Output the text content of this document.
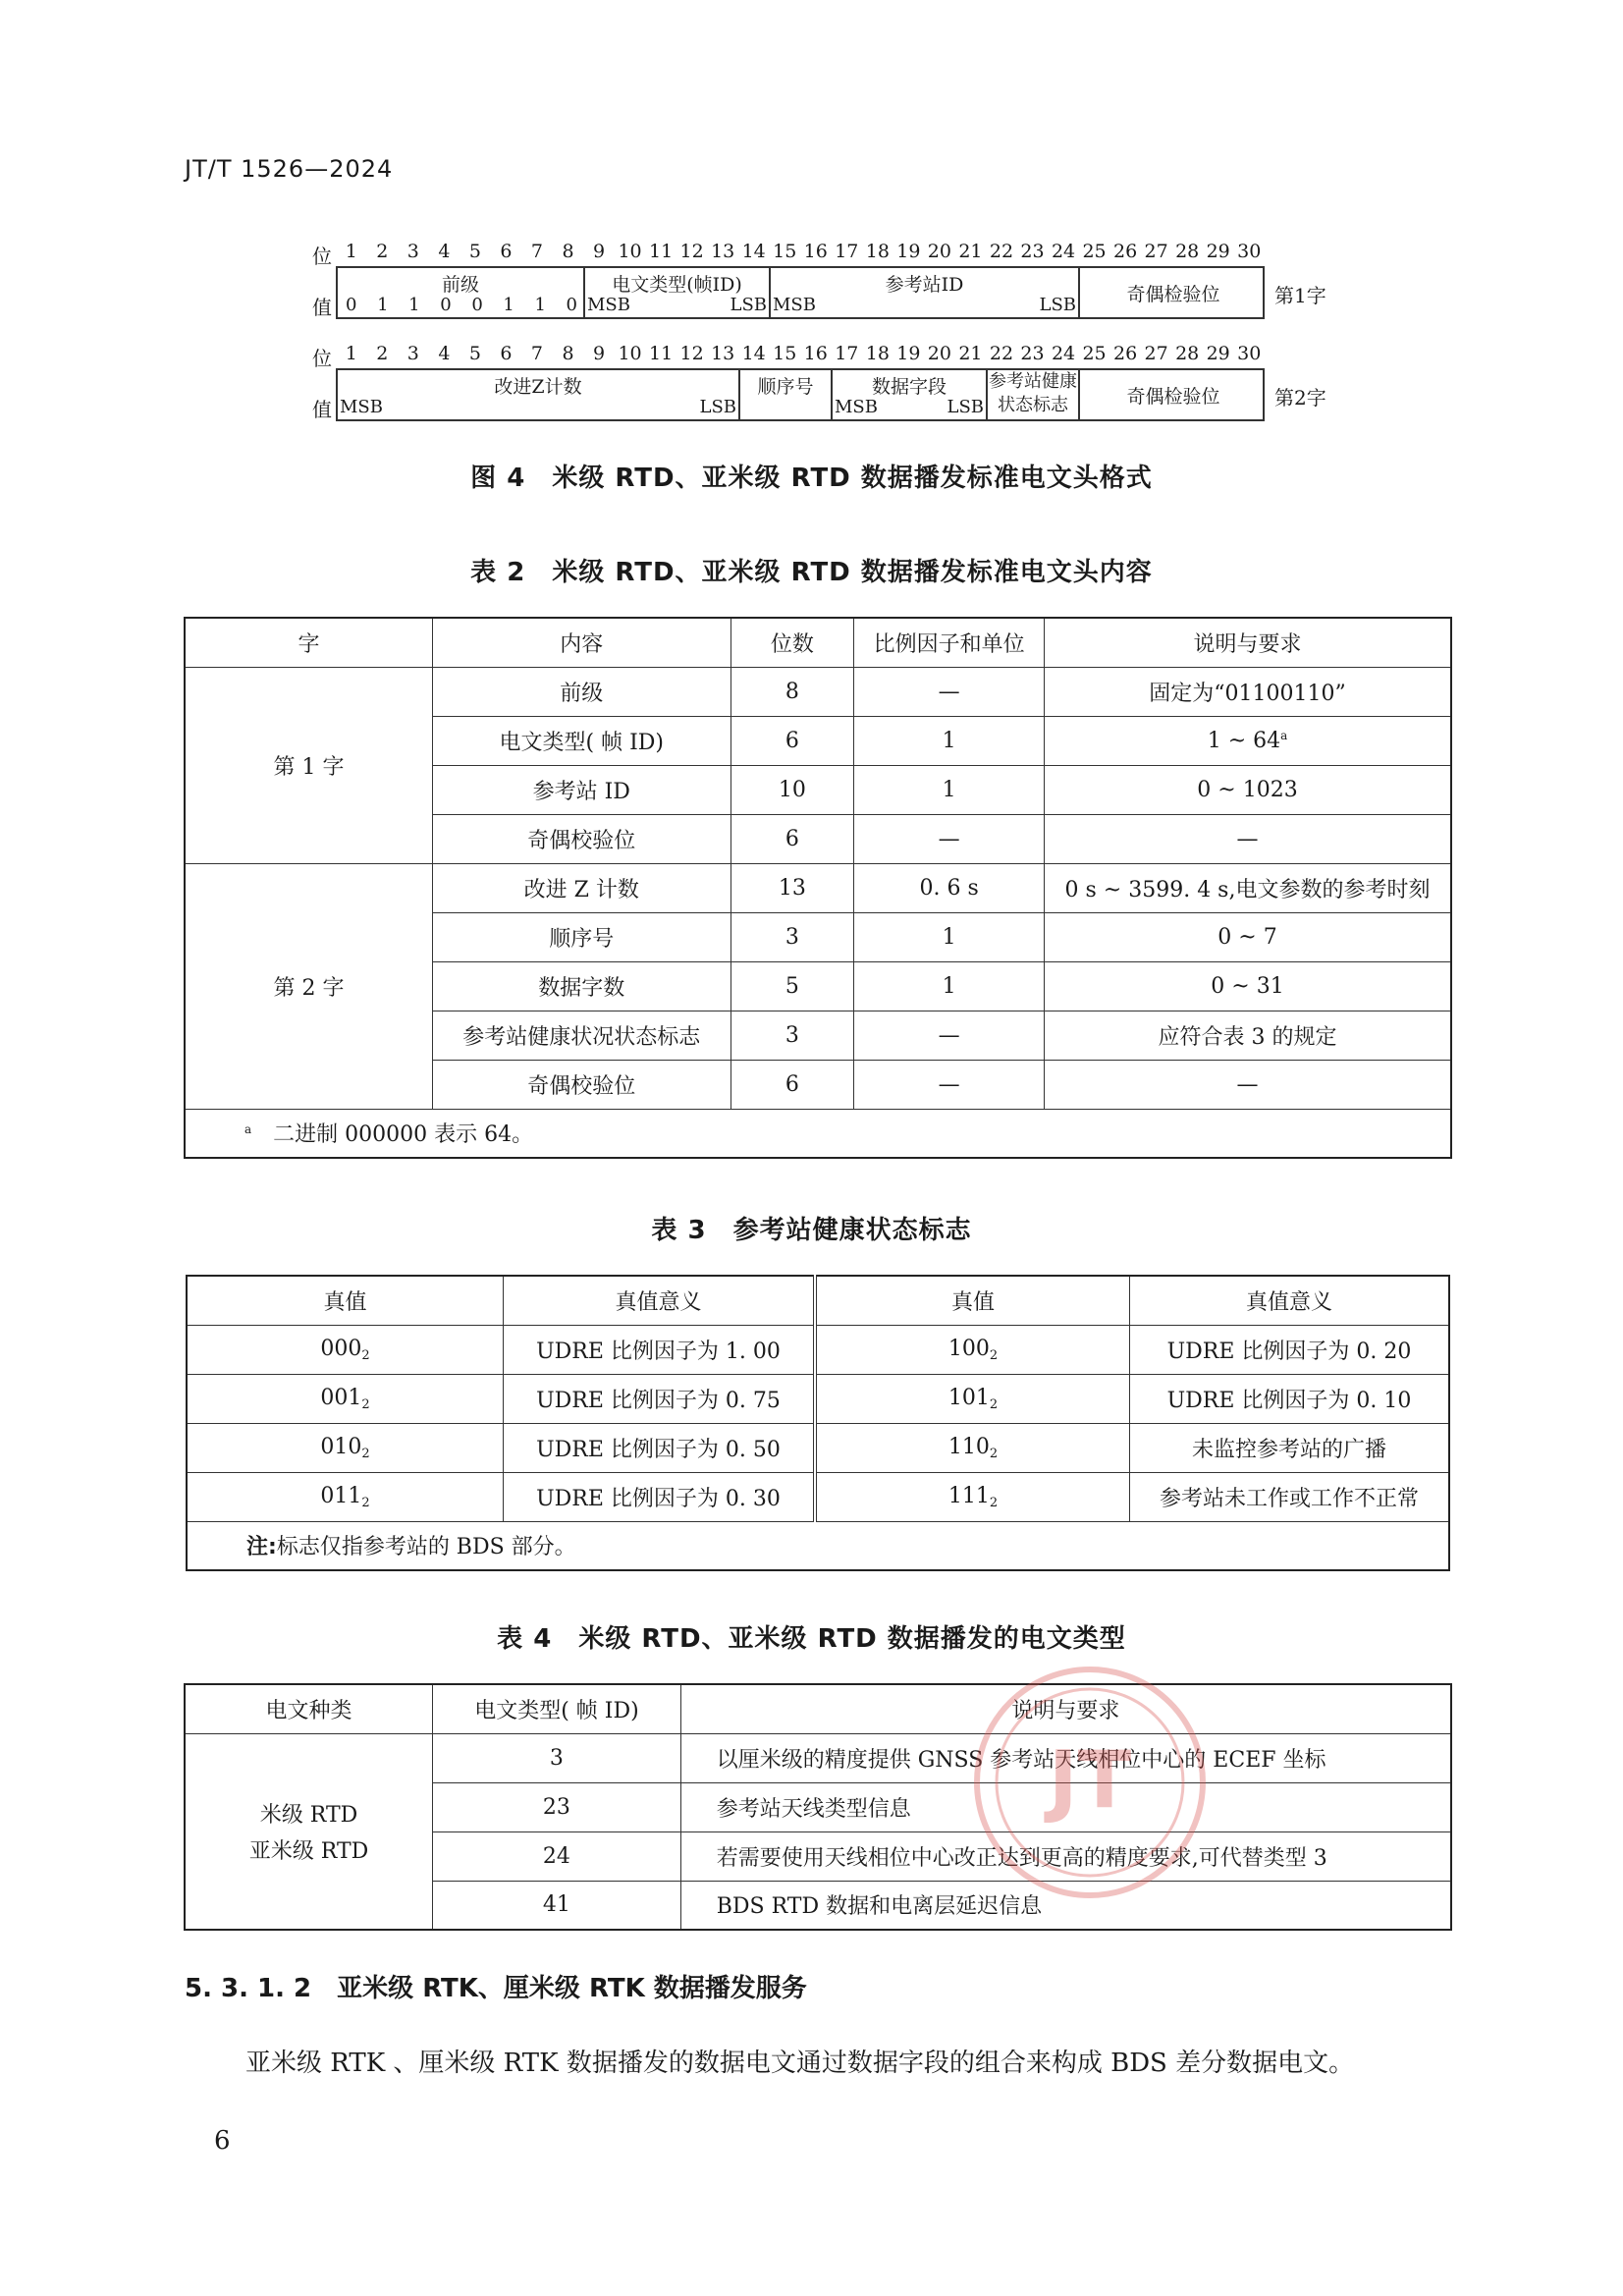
JT/T 1526—2024
位 1	2	3	4	5	6	7	8	9 10 11 12 13 14 15 16 17 18 19 20 21 22 23 24 25 26 27 28 29 30
值
前级
0 1 1 0 0 1 1 0
电文类型(帧ID)
MSB	LSB
参考站ID
MSB	LSB	奇偶检验位	第1字
位 1	2	3	4	5	6	7	8	9 10 11 12 13 14 15 16 17 18 19 20 21 22 23 24 25 26 27 28 29 30
值
改进Z计数
MSB	LSB
顺序号	数据字段
MSB	LSB
参考站健康
状态标志	奇偶检验位	第2字
图 4　米级 RTD、亚米级 RTD 数据播发标准电文头格式
表 2　米级 RTD、亚米级 RTD 数据播发标准电文头内容
字	内容	位数	比例因子和单位	说明与要求
第 1 字	前级	8	—	固定为“01100110”
	电文类型( 帧 ID)	6	1	1 ~ 64$^a$
	参考站 ID	10	1	0 ~ 1023
	奇偶校验位	6	—	—
第 2 字	改进 Z 计数	13	0. 6 s	0 s ~ 3599. 4 s,电文参数的参考时刻
	顺序号	3	1	0 ~ 7
	数据字数	5	1	0 ~ 31
	参考站健康状况状态标志	3	—	应符合表 3 的规定
	奇偶校验位	6	—	—
$^a$ 二进制 000000 表示 64。				
表 3　参考站健康状态标志
真值	真值意义	真值	真值意义
$000_2$	UDRE 比例因子为 1. 00	$100_2$	UDRE 比例因子为 0. 20
$001_2$	UDRE 比例因子为 0. 75	$101_2$	UDRE 比例因子为 0. 10
$010_2$	UDRE 比例因子为 0. 50	$110_2$	未监控参考站的广播
$011_2$	UDRE 比例因子为 0. 30	$111_2$	参考站未工作或工作不正常
注:标志仅指参考站的 BDS 部分。			
表 4　米级 RTD、亚米级 RTD 数据播发的电文类型
电文种类	电文类型( 帧 ID)	说明与要求

米级 RTD
亚米级 RTD	3	以厘米级的精度提供 GNSS 参考站天线相位中心的 ECEF 坐标
	23	参考站天线类型信息
	24	若需要使用天线相位中心改正达到更高的精度要求,可代替类型 3
	41	BDS RTD 数据和电离层延迟信息
JT
5. 3. 1. 2　亚米级 RTK、厘米级 RTK 数据播发服务
亚米级 RTK 、厘米级 RTK 数据播发的数据电文通过数据字段的组合来构成 BDS 差分数据电文。
6
